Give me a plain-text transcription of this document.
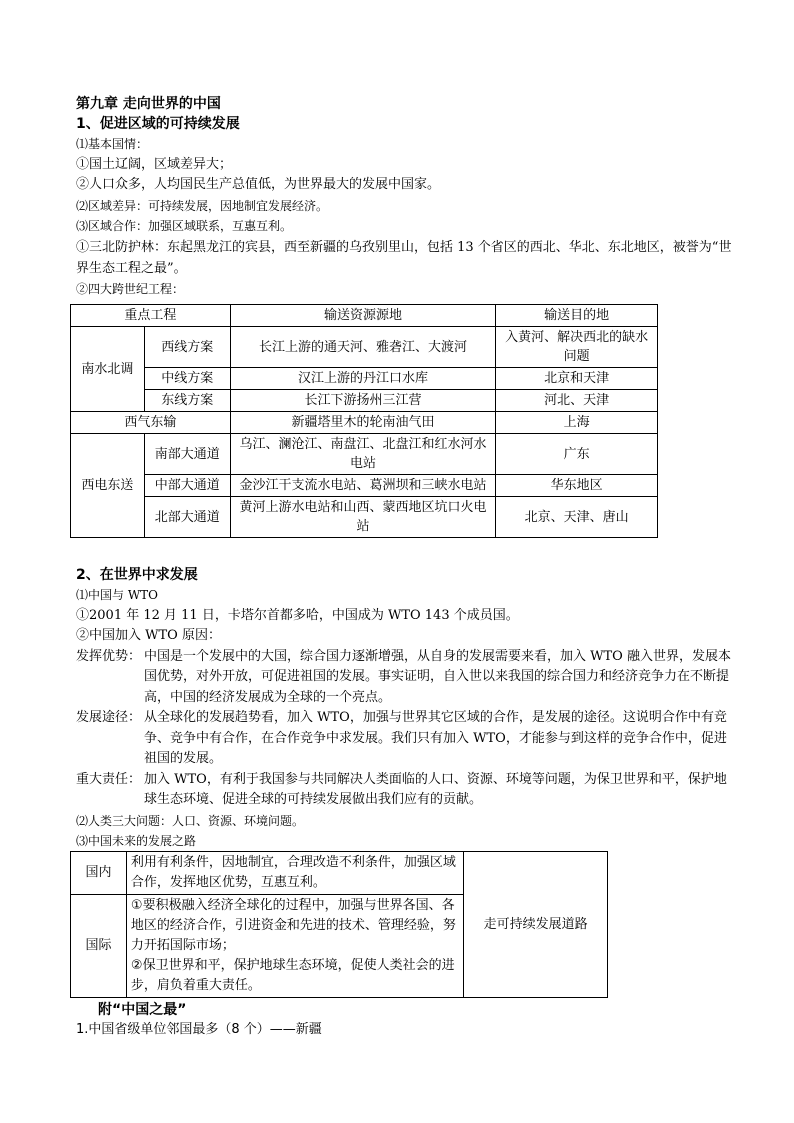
第九章 走向世界的中国
1、促进区域的可持续发展
⑴基本国情：
①国土辽阔，区域差异大；
②人口众多，人均国民生产总值低，为世界最大的发展中国家。
⑵区域差异：可持续发展，因地制宜发展经济。
⑶区域合作：加强区域联系，互惠互利。
①三北防护林：东起黑龙江的宾县，西至新疆的乌孜别里山，包括 13 个省区的西北、华北、东北地区，被誉为“世界生态工程之最”。
②四大跨世纪工程：
重点工程		输送资源源地	输送目的地
南水北调	西线方案	长江上游的通天河、雅砻江、大渡河	入黄河、解决西北的缺水问题
	中线方案	汉江上游的丹江口水库	北京和天津
	东线方案	长江下游扬州三江营	河北、天津
西气东输		新疆塔里木的轮南油气田	上海
西电东送	南部大通道	乌江、澜沧江、南盘江、北盘江和红水河水电站	广东
	中部大通道	金沙江干支流水电站、葛洲坝和三峡水电站	华东地区
	北部大通道	黄河上游水电站和山西、蒙西地区坑口火电站	北京、天津、唐山
2、在世界中求发展
⑴中国与 WTO
①2001 年 12 月 11 日，卡塔尔首都多哈，中国成为 WTO 143 个成员国。
②中国加入 WTO 原因：
发挥优势： 中国是一个发展中的大国，综合国力逐渐增强，从自身的发展需要来看，加入 WTO 融入世界，发展本国优势，对外开放，可促进祖国的发展。事实证明，自入世以来我国的综合国力和经济竞争力在不断提高，中国的经济发展成为全球的一个亮点。
发展途径： 从全球化的发展趋势看，加入 WTO，加强与世界其它区域的合作，是发展的途径。这说明合作中有竞争、竞争中有合作，在合作竞争中求发展。我们只有加入 WTO，才能参与到这样的竞争合作中，促进祖国的发展。
重大责任： 加入 WTO，有利于我国参与共同解决人类面临的人口、资源、环境等问题，为保卫世界和平，保护地球生态环境、促进全球的可持续发展做出我们应有的贡献。
⑵人类三大问题：人口、资源、环境问题。
⑶中国未来的发展之路
国内	利用有利条件，因地制宜，合理改造不利条件，加强区域合作，发挥地区优势，互惠互利。	走可持续发展道路
国际	①要积极融入经济全球化的过程中，加强与世界各国、各地区的经济合作，引进资金和先进的技术、管理经验，努力开拓国际市场；
②保卫世界和平，保护地球生态环境，促使人类社会的进步，肩负着重大责任。	
附“中国之最”
1.中国省级单位邻国最多（8 个）——新疆
